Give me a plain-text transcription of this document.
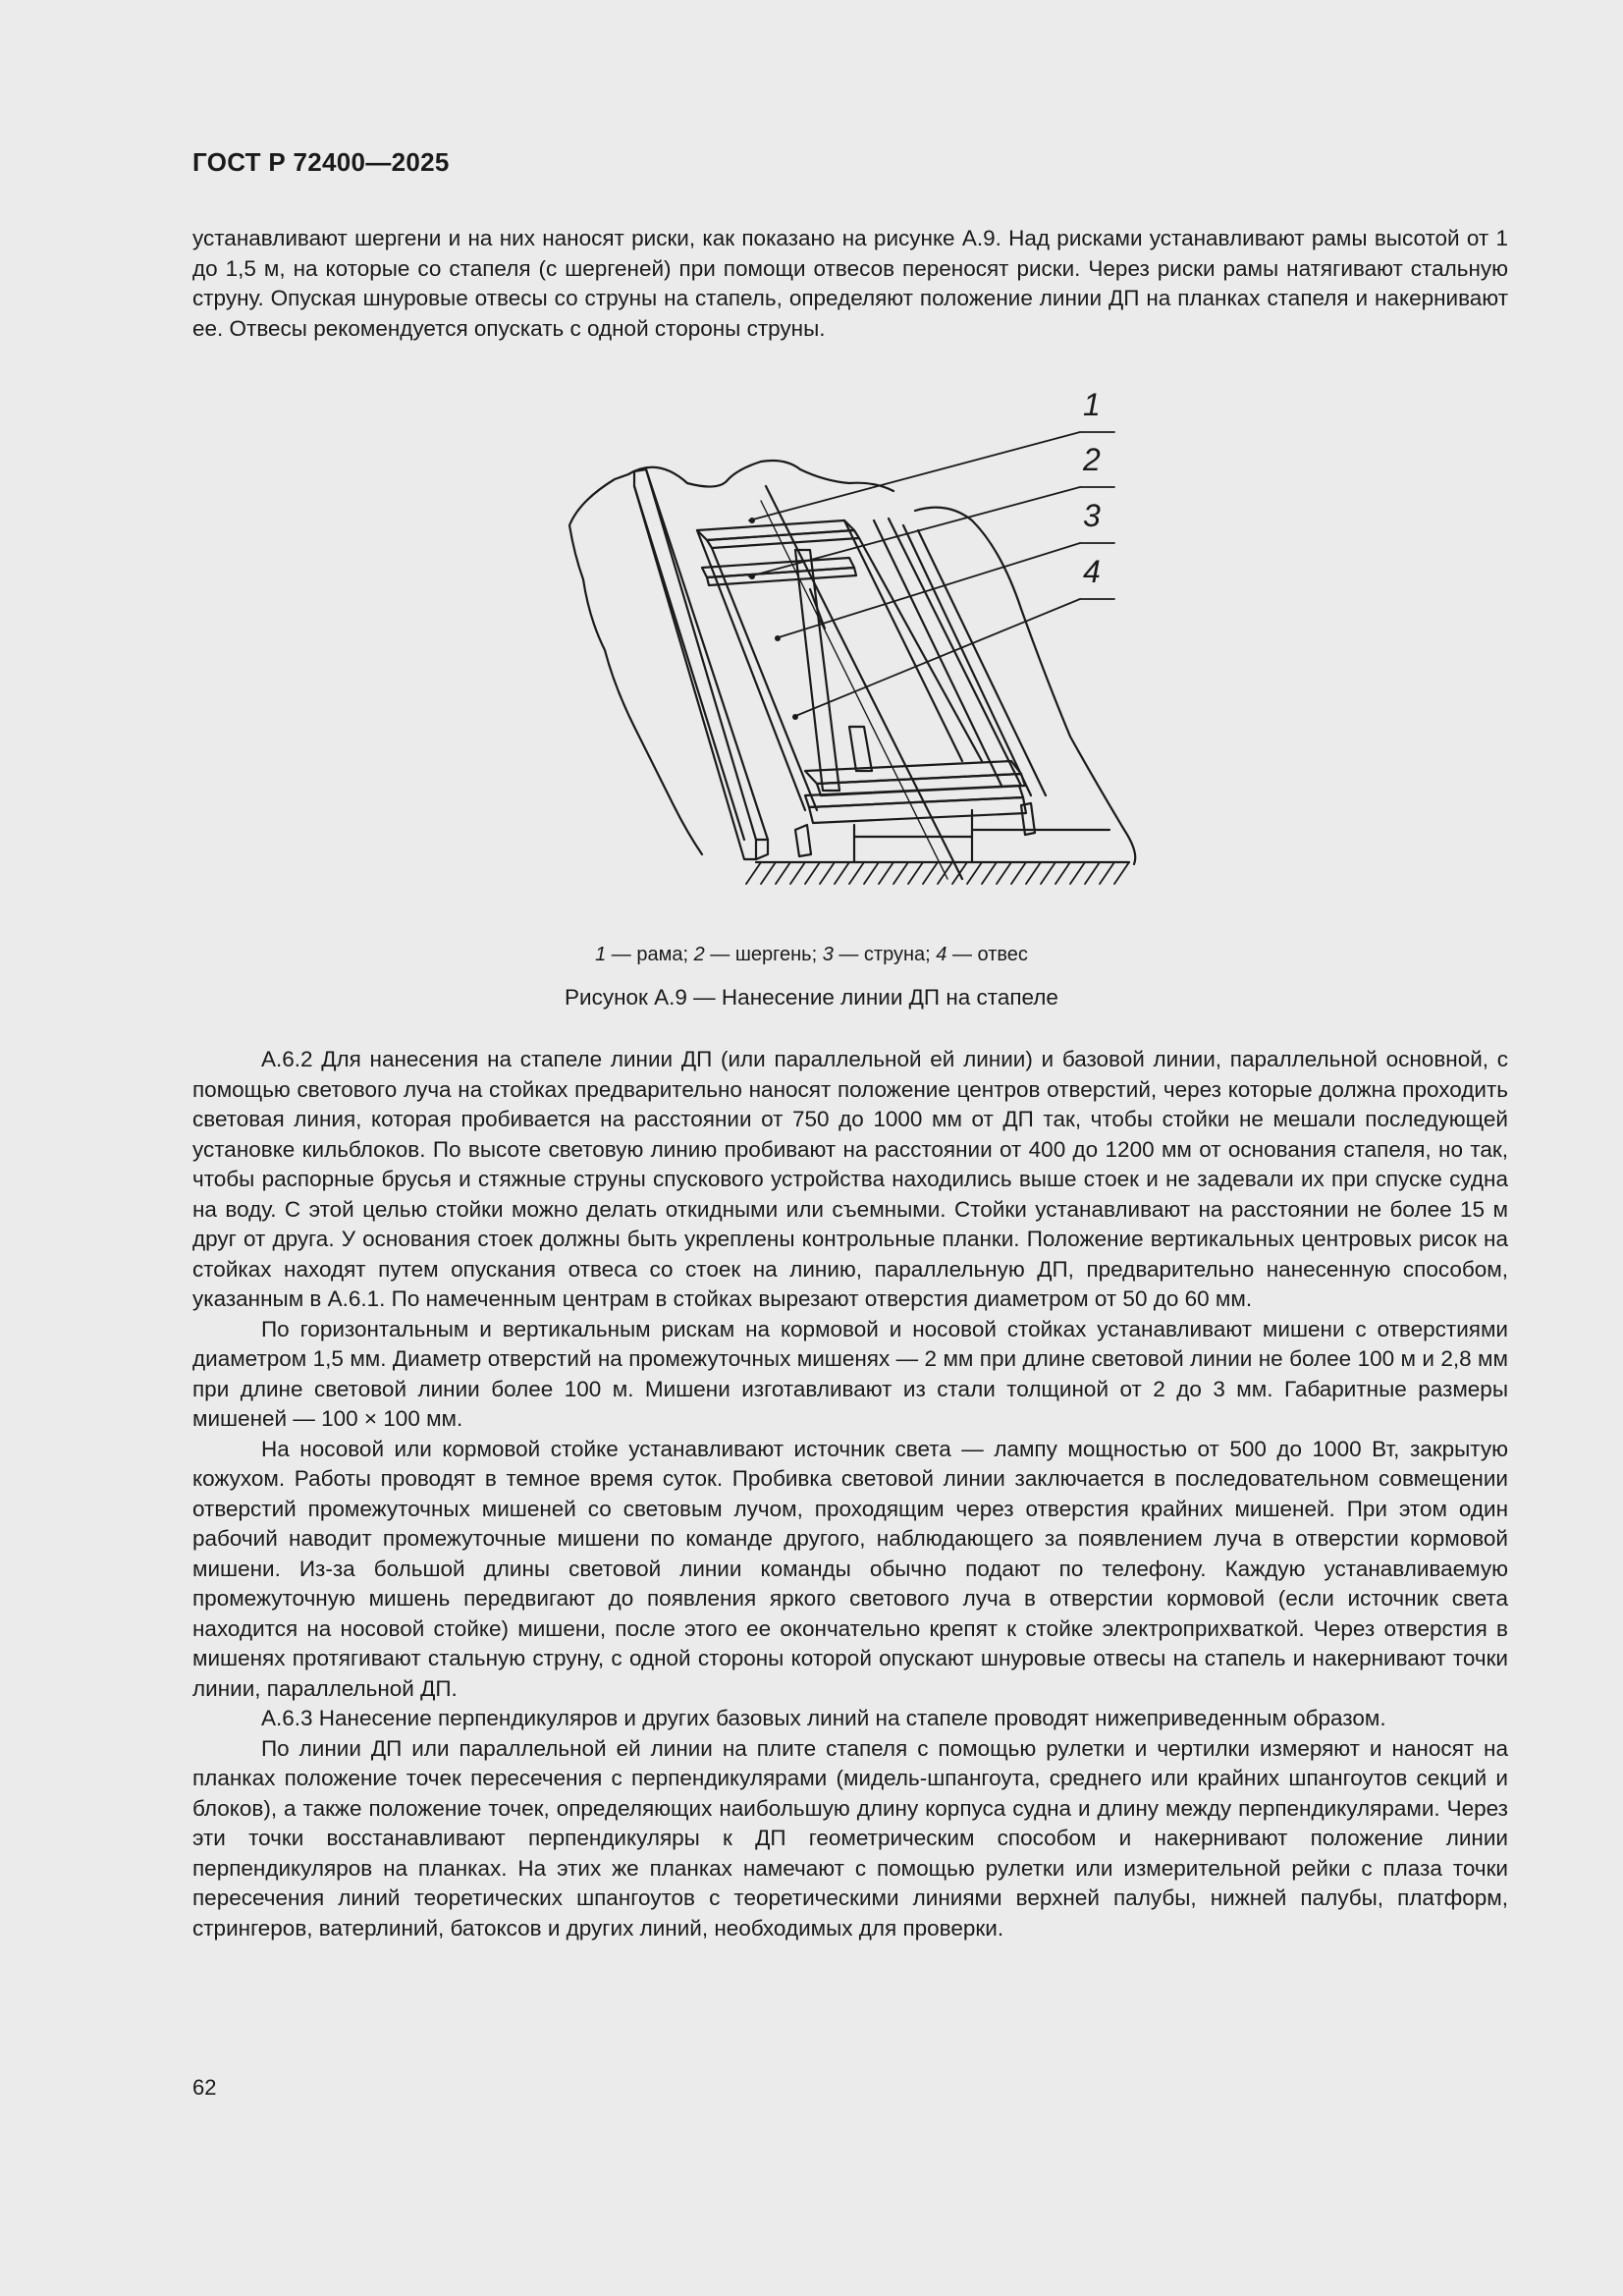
ГОСТ Р 72400—2025

устанавливают шергени и на них наносят риски, как показано на рисунке А.9. Над рисками устанавливают рамы высотой от 1 до 1,5 м, на которые со стапеля (с шергеней) при помощи отвесов переносят риски. Через риски рамы натягивают стальную струну. Опуская шнуровые отвесы со струны на стапель, определяют положение линии ДП на планках стапеля и накернивают ее. Отвесы рекомендуется опускать с одной стороны струны.

1
2
3
4
1 — рама; 2 — шергень; 3 — струна; 4 — отвес
Рисунок А.9 — Нанесение линии ДП на стапеле

А.6.2 Для нанесения на стапеле линии ДП (или параллельной ей линии) и базовой линии, параллельной основной, с помощью светового луча на стойках предварительно наносят положение центров отверстий, через которые должна проходить световая линия, которая пробивается на расстоянии от 750 до 1000 мм от ДП так, чтобы стойки не мешали последующей установке кильблоков. По высоте световую линию пробивают на расстоянии от 400 до 1200 мм от основания стапеля, но так, чтобы распорные брусья и стяжные струны спускового устройства находились выше стоек и не задевали их при спуске судна на воду. С этой целью стойки можно делать откидными или съемными. Стойки устанавливают на расстоянии не более 15 м друг от друга. У основания стоек должны быть укреплены контрольные планки. Положение вертикальных центровых рисок на стойках находят путем опускания отвеса со стоек на линию, параллельную ДП, предварительно нанесенную способом, указанным в А.6.1. По намеченным центрам в стойках вырезают отверстия диаметром от 50 до 60 мм.

По горизонтальным и вертикальным рискам на кормовой и носовой стойках устанавливают мишени с отверстиями диаметром 1,5 мм. Диаметр отверстий на промежуточных мишенях — 2 мм при длине световой линии не более 100 м и 2,8 мм при длине световой линии более 100 м. Мишени изготавливают из стали толщиной от 2 до 3 мм. Габаритные размеры мишеней — 100 × 100 мм.

На носовой или кормовой стойке устанавливают источник света — лампу мощностью от 500 до 1000 Вт, закрытую кожухом. Работы проводят в темное время суток. Пробивка световой линии заключается в последовательном совмещении отверстий промежуточных мишеней со световым лучом, проходящим через отверстия крайних мишеней. При этом один рабочий наводит промежуточные мишени по команде другого, наблюдающего за появлением луча в отверстии кормовой мишени. Из-за большой длины световой линии команды обычно подают по телефону. Каждую устанавливаемую промежуточную мишень передвигают до появления яркого светового луча в отверстии кормовой (если источник света находится на носовой стойке) мишени, после этого ее окончательно крепят к стойке электроприхваткой. Через отверстия в мишенях протягивают стальную струну, с одной стороны которой опускают шнуровые отвесы на стапель и накернивают точки линии, параллельной ДП.

А.6.3 Нанесение перпендикуляров и других базовых линий на стапеле проводят нижеприведенным образом.

По линии ДП или параллельной ей линии на плите стапеля с помощью рулетки и чертилки измеряют и наносят на планках положение точек пересечения с перпендикулярами (мидель-шпангоута, среднего или крайних шпангоутов секций и блоков), а также положение точек, определяющих наибольшую длину корпуса судна и длину между перпендикулярами. Через эти точки восстанавливают перпендикуляры к ДП геометрическим способом и накернивают положение линии перпендикуляров на планках. На этих же планках намечают с помощью рулетки или измерительной рейки с плаза точки пересечения линий теоретических шпангоутов с теоретическими линиями верхней палубы, нижней палубы, платформ, стрингеров, ватерлиний, батоксов и других линий, необходимых для проверки.

62
